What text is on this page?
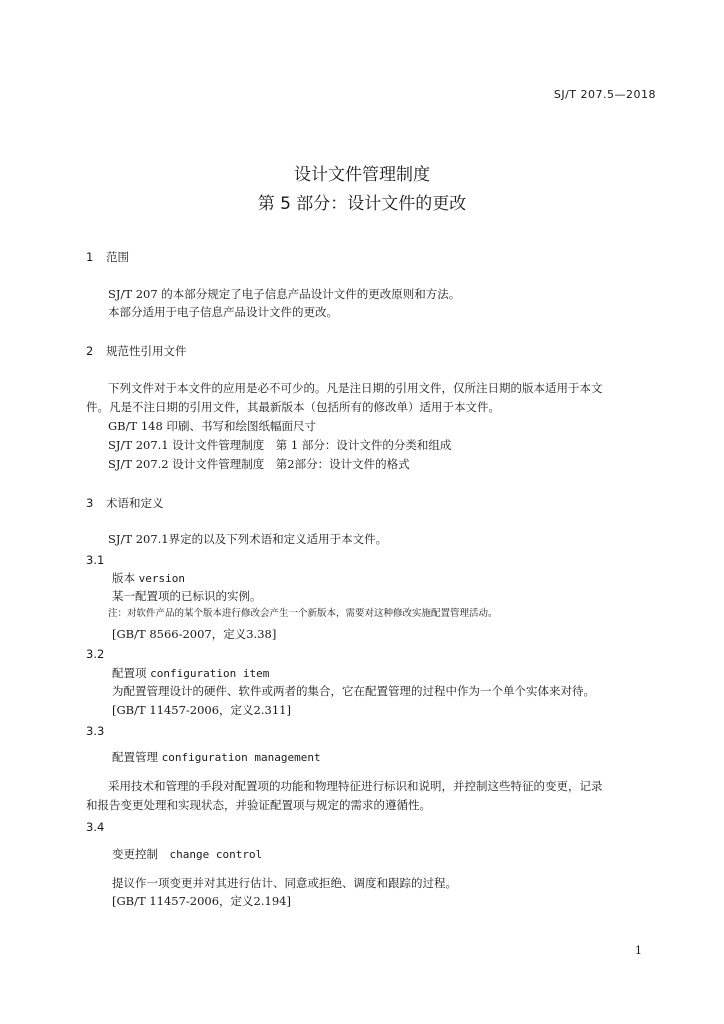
SJ/T 207.5—2018
设计文件管理制度
第 5 部分：设计文件的更改
1 范围
SJ/T 207 的本部分规定了电子信息产品设计文件的更改原则和方法。
本部分适用于电子信息产品设计文件的更改。
2 规范性引用文件
下列文件对于本文件的应用是必不可少的。凡是注日期的引用文件，仅所注日期的版本适用于本文
件。凡是不注日期的引用文件，其最新版本（包括所有的修改单）适用于本文件。
GB/T 148 印刷、书写和绘图纸幅面尺寸
SJ/T 207.1 设计文件管理制度　第 1 部分：设计文件的分类和组成
SJ/T 207.2 设计文件管理制度　第2部分：设计文件的格式
3 术语和定义
SJ/T 207.1界定的以及下列术语和定义适用于本文件。
3.1
版本 version
某一配置项的已标识的实例。
注：对软件产品的某个版本进行修改会产生一个新版本，需要对这种修改实施配置管理活动。
[GB/T 8566-2007，定义3.38]
3.2
配置项 configuration item
为配置管理设计的硬件、软件或两者的集合，它在配置管理的过程中作为一个单个实体来对待。
[GB/T 11457-2006，定义2.311]
3.3
配置管理 configuration management
采用技术和管理的手段对配置项的功能和物理特征进行标识和说明，并控制这些特征的变更，记录
和报告变更处理和实现状态，并验证配置项与规定的需求的遵循性。
3.4
变更控制　 change control
提议作一项变更并对其进行估计、同意或拒绝、调度和跟踪的过程。
[GB/T 11457-2006，定义2.194]
1
